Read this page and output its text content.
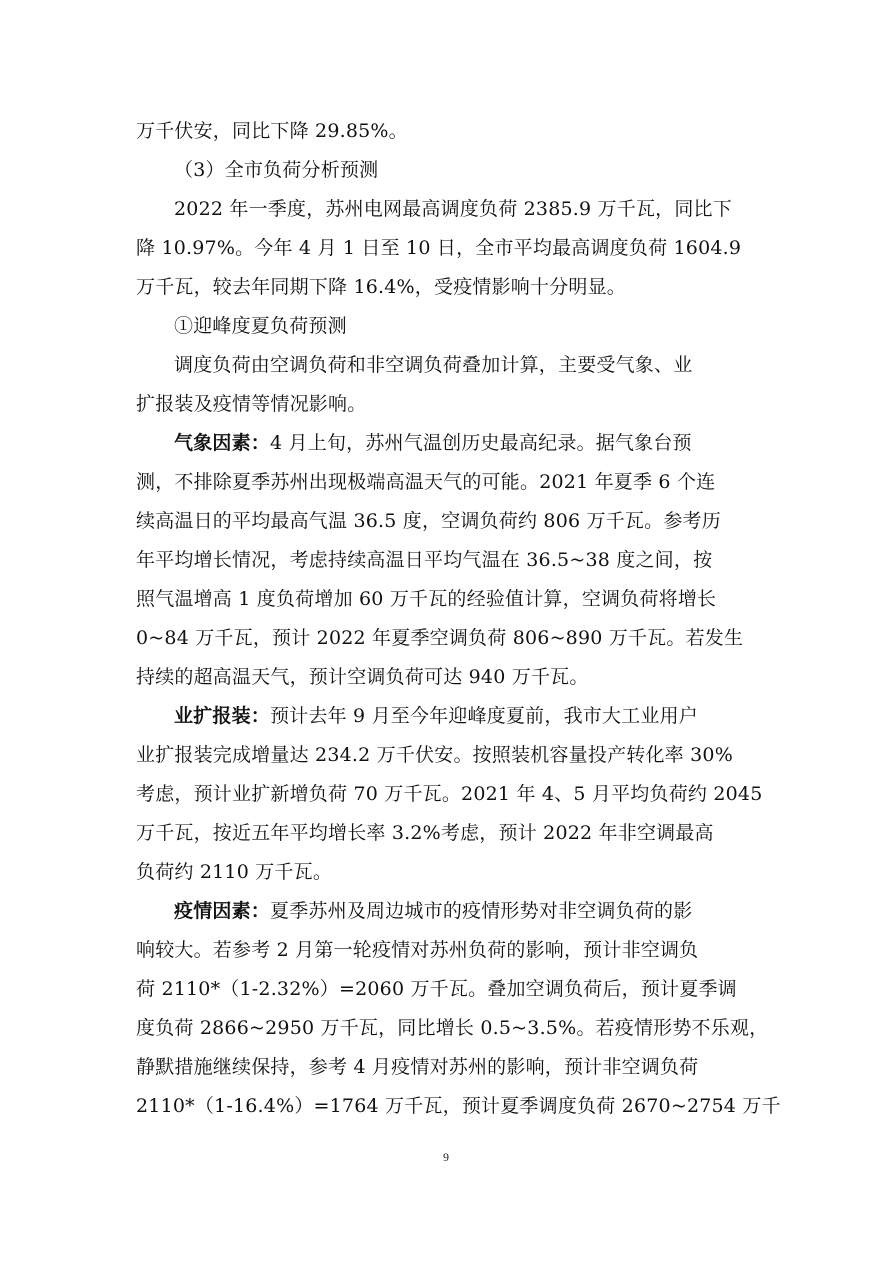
万千伏安，同比下降 29.85%。
（3）全市负荷分析预测
2022 年一季度，苏州电网最高调度负荷 2385.9 万千瓦，同比下
降 10.97%。今年 4 月 1 日至 10 日，全市平均最高调度负荷 1604.9
万千瓦，较去年同期下降 16.4%，受疫情影响十分明显。
①迎峰度夏负荷预测
调度负荷由空调负荷和非空调负荷叠加计算，主要受气象、业
扩报装及疫情等情况影响。
气象因素：4 月上旬，苏州气温创历史最高纪录。据气象台预
测，不排除夏季苏州出现极端高温天气的可能。2021 年夏季 6 个连
续高温日的平均最高气温 36.5 度，空调负荷约 806 万千瓦。参考历
年平均增长情况，考虑持续高温日平均气温在 36.5~38 度之间，按
照气温增高 1 度负荷增加 60 万千瓦的经验值计算，空调负荷将增长
0~84 万千瓦，预计 2022 年夏季空调负荷 806~890 万千瓦。若发生
持续的超高温天气，预计空调负荷可达 940 万千瓦。
业扩报装：预计去年 9 月至今年迎峰度夏前，我市大工业用户
业扩报装完成增量达 234.2 万千伏安。按照装机容量投产转化率 30%
考虑，预计业扩新增负荷 70 万千瓦。2021 年 4、5 月平均负荷约 2045
万千瓦，按近五年平均增长率 3.2%考虑，预计 2022 年非空调最高
负荷约 2110 万千瓦。
疫情因素：夏季苏州及周边城市的疫情形势对非空调负荷的影
响较大。若参考 2 月第一轮疫情对苏州负荷的影响，预计非空调负
荷 2110*（1-2.32%）=2060 万千瓦。叠加空调负荷后，预计夏季调
度负荷 2866~2950 万千瓦，同比增长 0.5~3.5%。若疫情形势不乐观，
静默措施继续保持，参考 4 月疫情对苏州的影响，预计非空调负荷
2110*（1-16.4%）=1764 万千瓦，预计夏季调度负荷 2670~2754 万千
9
